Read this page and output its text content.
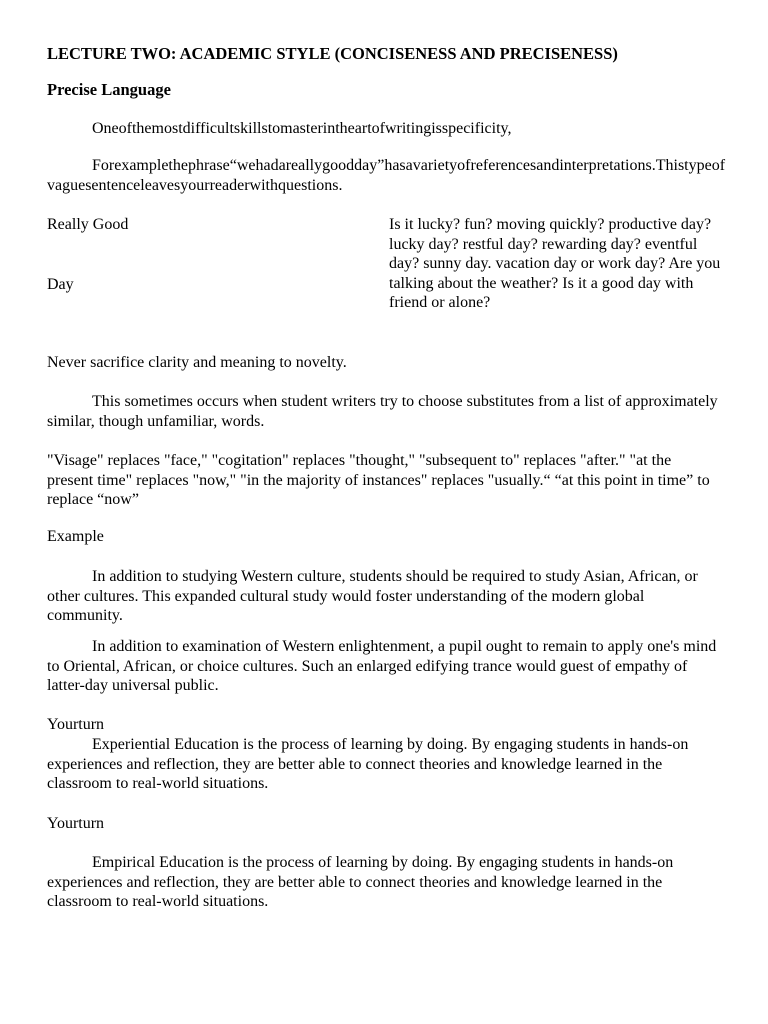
LECTURE TWO: ACADEMIC STYLE (CONCISENESS AND PRECISENESS)

Precise Language

Oneofthemostdifficultskillstomasterintheartofwritingisspecificity,

Forexamplethephrase“wehadareallygoodday”hasavarietyofreferencesandinterpretations.Thistypeofvaguesentenceleavesyourreaderwithquestions.

Really Good

Day

Is it lucky? fun? moving quickly? productive day? lucky day? restful day? rewarding day? eventful day? sunny day. vacation day or work day? Are you talking about the weather? Is it a good day with friend or alone?

Never sacrifice clarity and meaning to novelty.

This sometimes occurs when student writers try to choose substitutes from a list of approximately similar, though unfamiliar, words.

"Visage" replaces "face," "cogitation" replaces "thought," "subsequent to" replaces "after." "at the present time" replaces "now," "in the majority of instances" replaces "usually.“ “at this point in time” to replace “now”

Example

In addition to studying Western culture, students should be required to study Asian, African, or other cultures. This expanded cultural study would foster understanding of the modern global community.

In addition to examination of Western enlightenment, a pupil ought to remain to apply one's mind to Oriental, African, or choice cultures. Such an enlarged edifying trance would guest of empathy of latter-day universal public.

Yourturn

Experiential Education is the process of learning by doing. By engaging students in hands-on experiences and reflection, they are better able to connect theories and knowledge learned in the classroom to real-world situations.

Yourturn

Empirical Education is the process of learning by doing. By engaging students in hands-on experiences and reflection, they are better able to connect theories and knowledge learned in the classroom to real-world situations.
